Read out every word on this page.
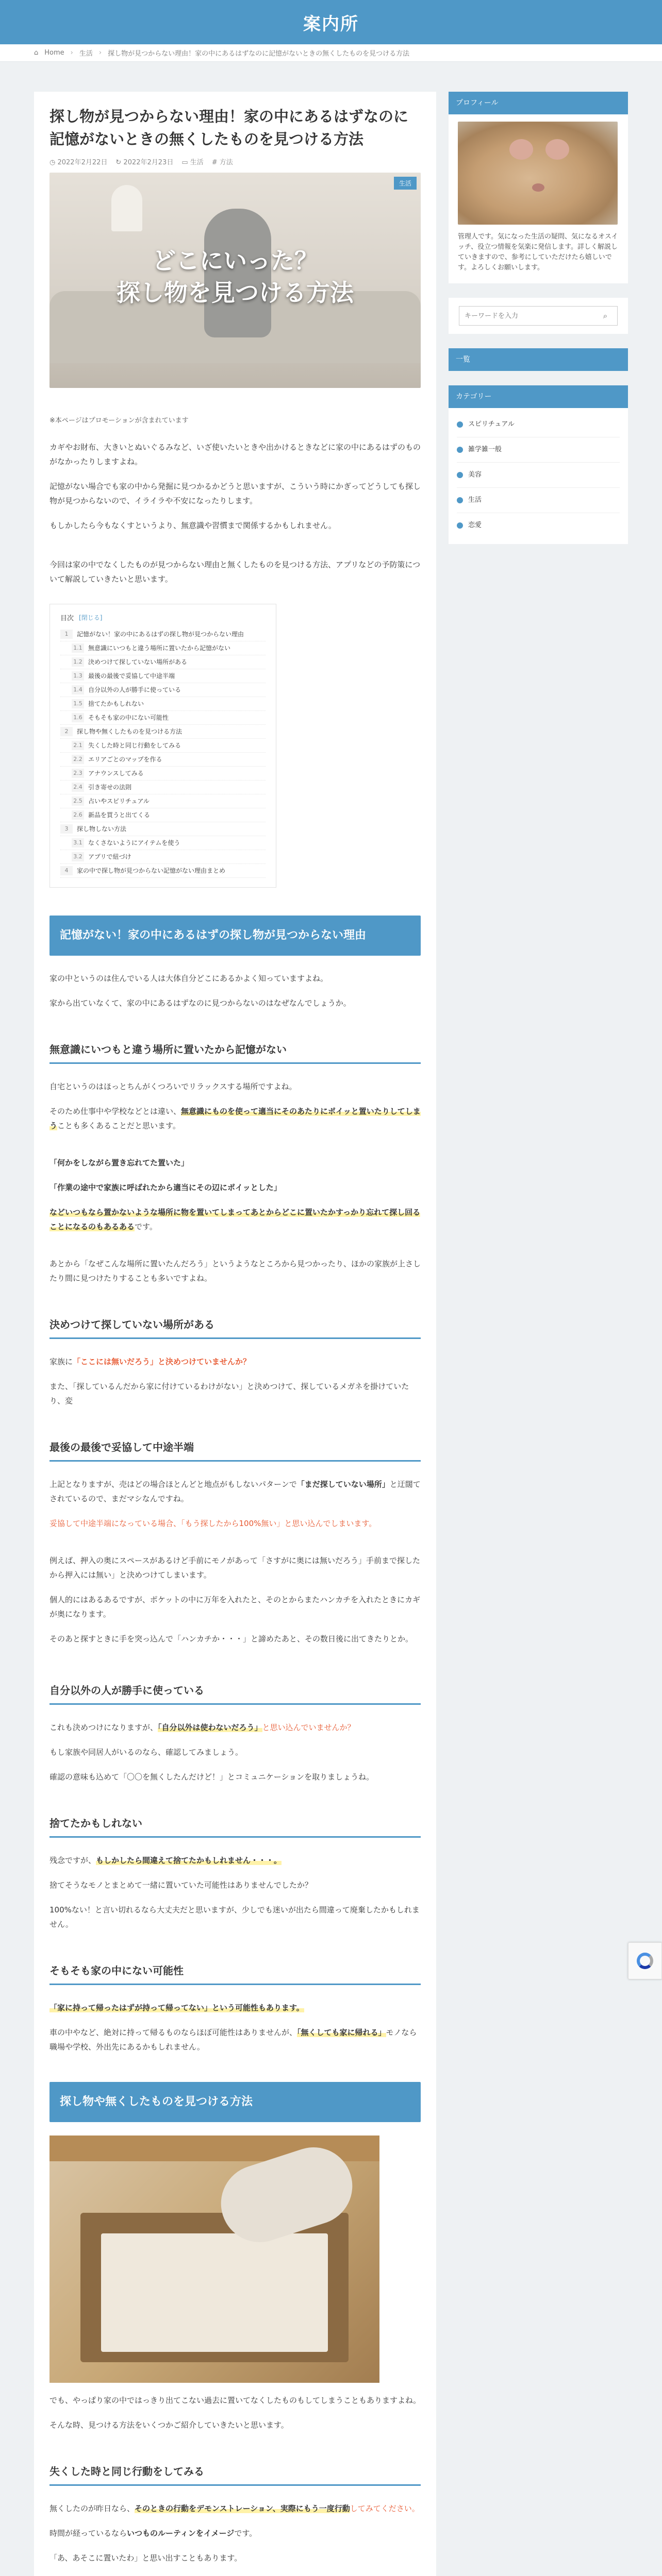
案内所
⌂ Home › 生活 › 探し物が見つからない理由！家の中にあるはずなのに記憶がないときの無くしたものを見つける方法
探し物が見つからない理由！家の中にあるはずなのに記憶がないときの無くしたものを見つける方法
◷ 2022年2月22日 ↻ 2022年2月23日 ▭ 生活 # 方法
生活
どこにいった？
探し物を見つける方法

※本ページはプロモーションが含まれています

カギやお財布、大きいとぬいぐるみなど、いざ使いたいときや出かけるときなどに家の中にあるはずのものがなかったりしますよね。

記憶がない場合でも家の中から発掘に見つかるかどうと思いますが、こういう時にかぎってどうしても探し物が見つからないので、イライラや不安になったりします。

もしかしたら今もなくすというより、無意識や習慣まで関係するかもしれません。

今回は家の中でなくしたものが見つからない理由と無くしたものを見つける方法、アプリなどの予防策について解説していきたいと思います。

目次 [閉じる]
1	記憶がない！家の中にあるはずの探し物が見つからない理由
1.1 無意識にいつもと違う場所に置いたから記憶がない
1.2 決めつけて探していない場所がある
1.3 最後の最後で妥協して中途半端
1.4 自分以外の人が勝手に使っている
1.5 捨てたかもしれない
1.6 そもそも家の中にない可能性
2	探し物や無くしたものを見つける方法
2.1 失くした時と同じ行動をしてみる
2.2 エリアごとのマップを作る
2.3 アナウンスしてみる
2.4 引き寄せの法則
2.5 占いやスピリチュアル
2.6 新品を買うと出てくる
3	探し物しない方法
3.1 なくさないようにアイテムを使う
3.2 アプリで紐づけ
4	家の中で探し物が見つからない記憶がない理由まとめ
記憶がない！家の中にあるはずの探し物が見つからない理由

家の中というのは住んでいる人は大体自分どこにあるかよく知っていますよね。

家から出ていなくて、家の中にあるはずなのに見つからないのはなぜなんでしょうか。

無意識にいつもと違う場所に置いたから記憶がない

自宅というのはほっとちんがくつろいでリラックスする場所ですよね。

そのため仕事中や学校などとは違い、無意識にものを使って適当にそのあたりにポイッと置いたりしてしまうことも多くあることだと思います。

「何かをしながら置き忘れてた置いた」

「作業の途中で家族に呼ばれたから適当にその辺にポイッとした」

などいつもなら置かないような場所に物を置いてしまってあとからどこに置いたかすっかり忘れて探し回ることになるのもあるあるです。

あとから「なぜこんな場所に置いたんだろう」というようなところから見つかったり、ほかの家族が上さしたり間に見つけたりすることも多いですよね。

決めつけて探していない場所がある

家族に「ここには無いだろう」と決めつけていませんか？

また、「探しているんだから家に付けているわけがない」と決めつけて、探しているメガネを掛けていたり、変

最後の最後で妥協して中途半端

上記となりますが、売はどの場合ほとんどと地点がもしないパターンで「まだ探していない場所」と迂闊てされているので、まだマシなんですね。

妥協して中途半端になっている場合、「もう探したから100%無い」と思い込んでしまいます。

例えば、押入の奥にスペースがあるけど手前にモノがあって「さすがに奥には無いだろう」手前まで探したから押入には無い」と決めつけてしまいます。

個人的にはあるあるですが、ポケットの中に万年を入れたと、そのとからまたハンカチを入れたときにカギが奥になります。

そのあと探すときに手を突っ込んで「ハンカチか・・・」と諦めたあと、その数日後に出てきたりとか。

自分以外の人が勝手に使っている

これも決めつけになりますが、「自分以外は使わないだろう」と思い込んでいませんか？

もし家族や同居人がいるのなら、確認してみましょう。

確認の意味も込めて「〇〇を無くしたんだけど！」とコミュニケーションを取りましょうね。

捨てたかもしれない

残念ですが、もしかしたら間違えて捨てたかもしれません・・・。

捨てそうなモノとまとめて一緒に置いていた可能性はありませんでしたか？

100%ない！と言い切れるなら大丈夫だと思いますが、少しでも迷いが出たら間違って廃棄したかもしれません。

そもそも家の中にない可能性

「家に持って帰ったはずが持って帰ってない」という可能性もあります。

車の中やなど、絶対に持って帰るものならほぼ可能性はありませんが、「無くしても家に帰れる」モノなら職場や学校、外出先にあるかもしれません。

探し物や無くしたものを見つける方法

でも、やっぱり家の中ではっきり出てこない過去に置いてなくしたものもしてしまうこともありますよね。

そんな時、見つける方法をいくつかご紹介していきたいと思います。

失くした時と同じ行動をしてみる

無くしたのが昨日なら、そのときの行動をデモンストレーション、実際にもう一度行動してみてください。

時間が経っているならいつものルーティンをイメージです。

「あ、あそこに置いたわ」と思い出すこともあります。

プロフィール

管理人です。気になった生活の疑問、気になるオスイッチ、役立つ情報を気楽に発信します。詳しく解説していきますので、参考にしていただけたら嬉しいです。よろしくお願いします。

キーワードを入力
⌕
一覧
カテゴリー
スピリチュアル
雑学雑一般
美容
生活
恋愛
